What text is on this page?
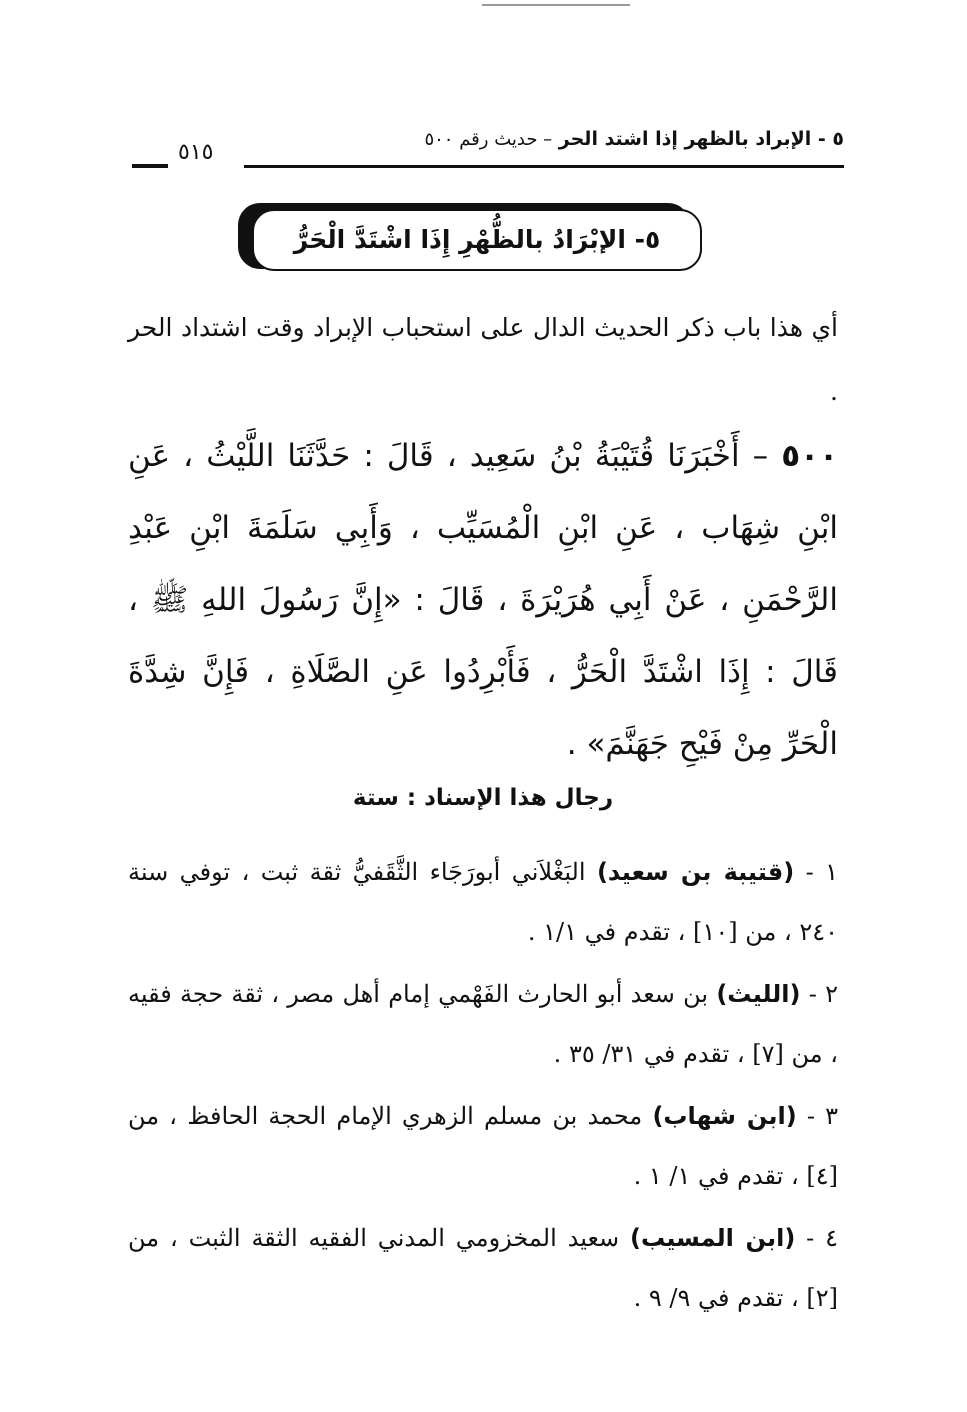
٥ - الإبراد بالظهر إذا اشتد الحر – حديث رقم ٥٠٠
٥١٥
٥- الإبْرَادُ بالظُّهْرِ إِذَا اشْتَدَّ الْحَرُّ
أي هذا باب ذكر الحديث الدال على استحباب الإبراد وقت اشتداد الحر .
٥٠٠ – أَخْبَرَنَا قُتَيْبَةُ بْنُ سَعِيد ، قَالَ : حَدَّثَنَا اللَّيْثُ ، عَنِ ابْنِ شِهَاب ، عَنِ ابْنِ الْمُسَيِّب ، وَأَبِي سَلَمَةَ ابْنِ عَبْدِ الرَّحْمَنِ ، عَنْ أَبِي هُرَيْرَةَ ، قَالَ : «إِنَّ رَسُولَ اللهِ ﷺ ، قَالَ : إِذَا اشْتَدَّ الْحَرُّ ، فَأَبْرِدُوا عَنِ الصَّلَاةِ ، فَإِنَّ شِدَّةَ الْحَرِّ مِنْ فَيْحِ جَهَنَّمَ» .
رجال هذا الإسناد : ستة
١ - (قتيبة بن سعيد) البَغْلاَني أبورَجَاء الثَّقَفيُّ ثقة ثبت ، توفي سنة ٢٤٠ ، من [١٠] ، تقدم في ١/١ .
٢ - (الليث) بن سعد أبو الحارث الفَهْمي إمام أهل مصر ، ثقة حجة فقيه ، من [٧] ، تقدم في ٣١/ ٣٥ .
٣ - (ابن شهاب) محمد بن مسلم الزهري الإمام الحجة الحافظ ، من [٤] ، تقدم في ١/ ١ .
٤ - (ابن المسيب) سعيد المخزومي المدني الفقيه الثقة الثبت ، من [٢] ، تقدم في ٩/ ٩ .
